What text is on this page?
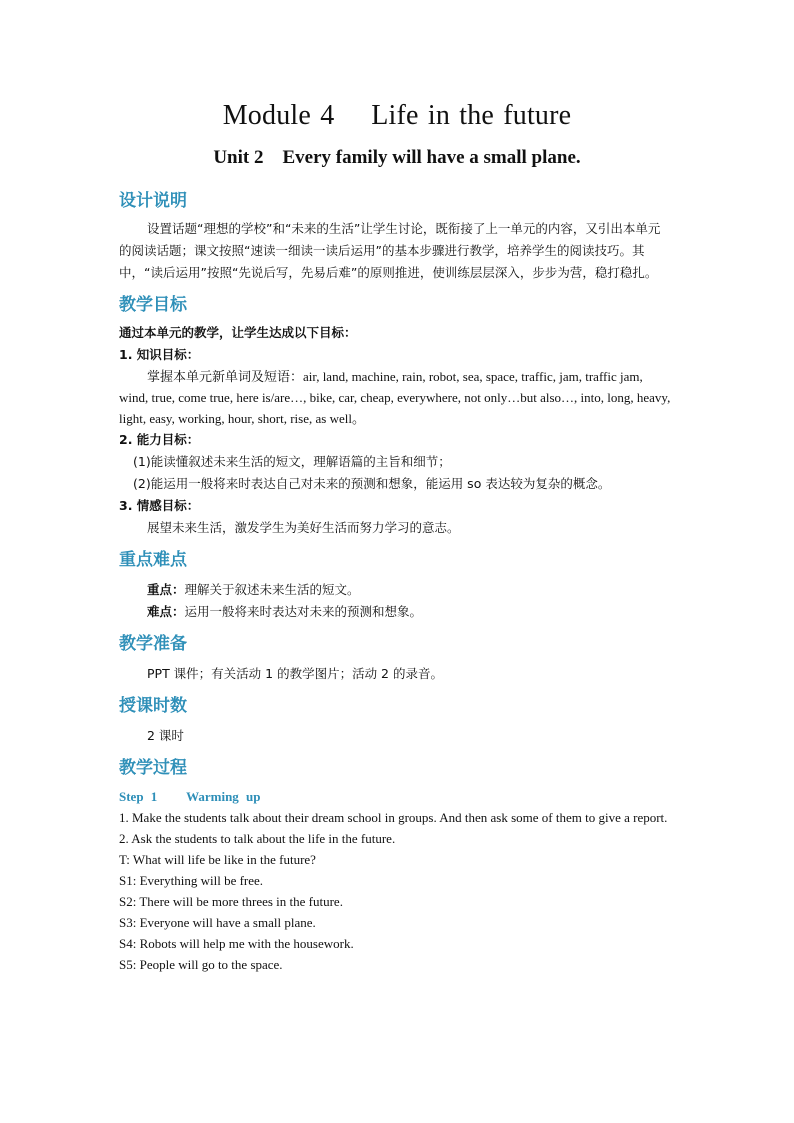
Module 4    Life in the future
Unit 2    Every family will have a small plane.

设计说明

设置话题“理想的学校”和“未来的生活”让学生讨论，既衔接了上一单元的内容，又引出本单元的阅读话题；课文按照“速读一细读一读后运用”的基本步骤进行教学，培养学生的阅读技巧。其中，“读后运用”按照“先说后写，先易后难”的原则推进，使训练层层深入，步步为营，稳打稳扎。

教学目标

通过本单元的教学，让学生达成以下目标：

1. 知识目标：

掌握本单元新单词及短语：air, land, machine, rain, robot, sea, space, traffic, jam, traffic jam, wind, true, come true, here is/are…, bike, car, cheap, everywhere, not only…but also…, into, long, heavy, light, easy, working, hour, short, rise, as well。

2. 能力目标：

(1)能读懂叙述未来生活的短文，理解语篇的主旨和细节；

(2)能运用一般将来时表达自己对未来的预测和想象，能运用 so 表达较为复杂的概念。

3. 情感目标：

展望未来生活，激发学生为美好生活而努力学习的意志。

重点难点

重点：理解关于叙述未来生活的短文。

难点：运用一般将来时表达对未来的预测和想象。

教学准备

PPT 课件；有关活动 1 的教学图片；活动 2 的录音。

授课时数

2 课时

教学过程

Step 1    Warming up

1. Make the students talk about their dream school in groups. And then ask some of them to give a report.

2. Ask the students to talk about the life in the future.

T: What will life be like in the future?

S1: Everything will be free.

S2: There will be more threes in the future.

S3: Everyone will have a small plane.

S4: Robots will help me with the housework.

S5: People will go to the space.
